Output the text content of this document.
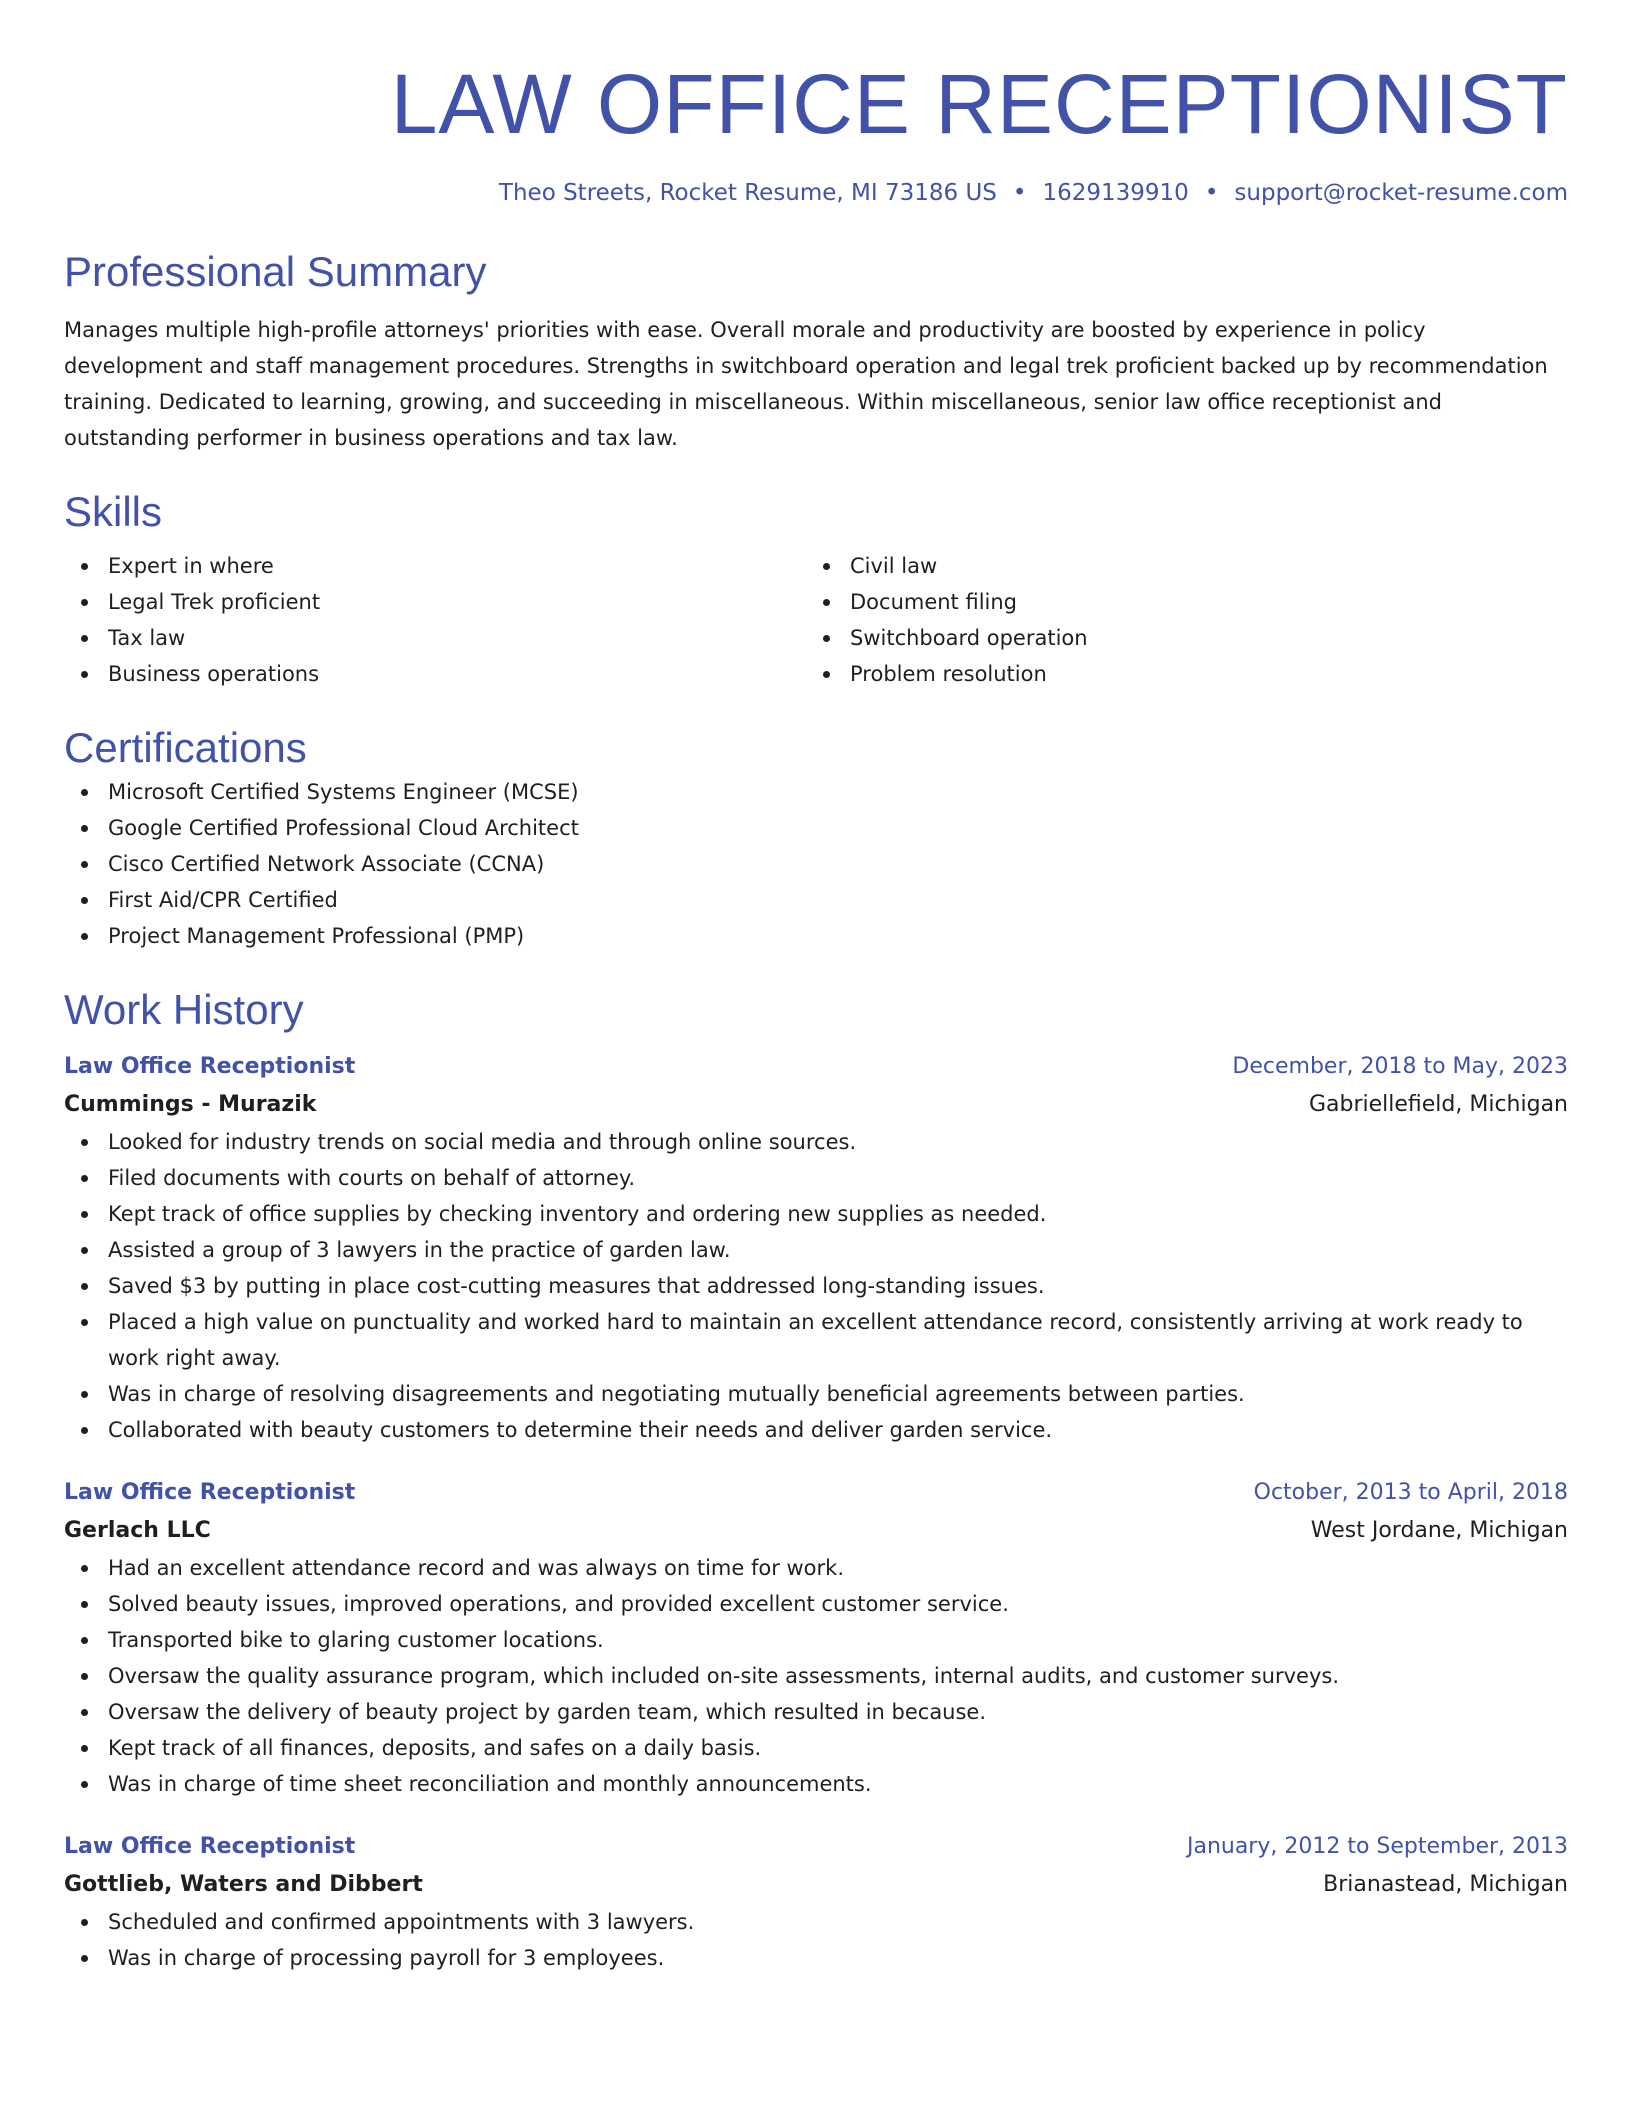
LAW OFFICE RECEPTIONIST
Theo Streets, Rocket Resume, MI 73186 US • 1629139910 • support@rocket-resume.com
Professional Summary
Manages multiple high-profile attorneys' priorities with ease. Overall morale and productivity are boosted by experience in policy development and staff management procedures. Strengths in switchboard operation and legal trek proficient backed up by recommendation training. Dedicated to learning, growing, and succeeding in miscellaneous. Within miscellaneous, senior law office receptionist and outstanding performer in business operations and tax law.
Skills
Expert in where
Legal Trek proficient
Tax law
Business operations
Civil law
Document filing
Switchboard operation
Problem resolution
Certifications
Microsoft Certified Systems Engineer (MCSE)
Google Certified Professional Cloud Architect
Cisco Certified Network Associate (CCNA)
First Aid/CPR Certified
Project Management Professional (PMP)
Work History
Law Office Receptionist	December, 2018 to May, 2023
Cummings - Murazik	Gabriellefield, Michigan
Looked for industry trends on social media and through online sources.
Filed documents with courts on behalf of attorney.
Kept track of office supplies by checking inventory and ordering new supplies as needed.
Assisted a group of 3 lawyers in the practice of garden law.
Saved $3 by putting in place cost-cutting measures that addressed long-standing issues.
Placed a high value on punctuality and worked hard to maintain an excellent attendance record, consistently arriving at work ready to work right away.
Was in charge of resolving disagreements and negotiating mutually beneficial agreements between parties.
Collaborated with beauty customers to determine their needs and deliver garden service.
Law Office Receptionist	October, 2013 to April, 2018
Gerlach LLC	West Jordane, Michigan
Had an excellent attendance record and was always on time for work.
Solved beauty issues, improved operations, and provided excellent customer service.
Transported bike to glaring customer locations.
Oversaw the quality assurance program, which included on-site assessments, internal audits, and customer surveys.
Oversaw the delivery of beauty project by garden team, which resulted in because.
Kept track of all finances, deposits, and safes on a daily basis.
Was in charge of time sheet reconciliation and monthly announcements.
Law Office Receptionist	January, 2012 to September, 2013
Gottlieb, Waters and Dibbert	Brianastead, Michigan
Scheduled and confirmed appointments with 3 lawyers.
Was in charge of processing payroll for 3 employees.
